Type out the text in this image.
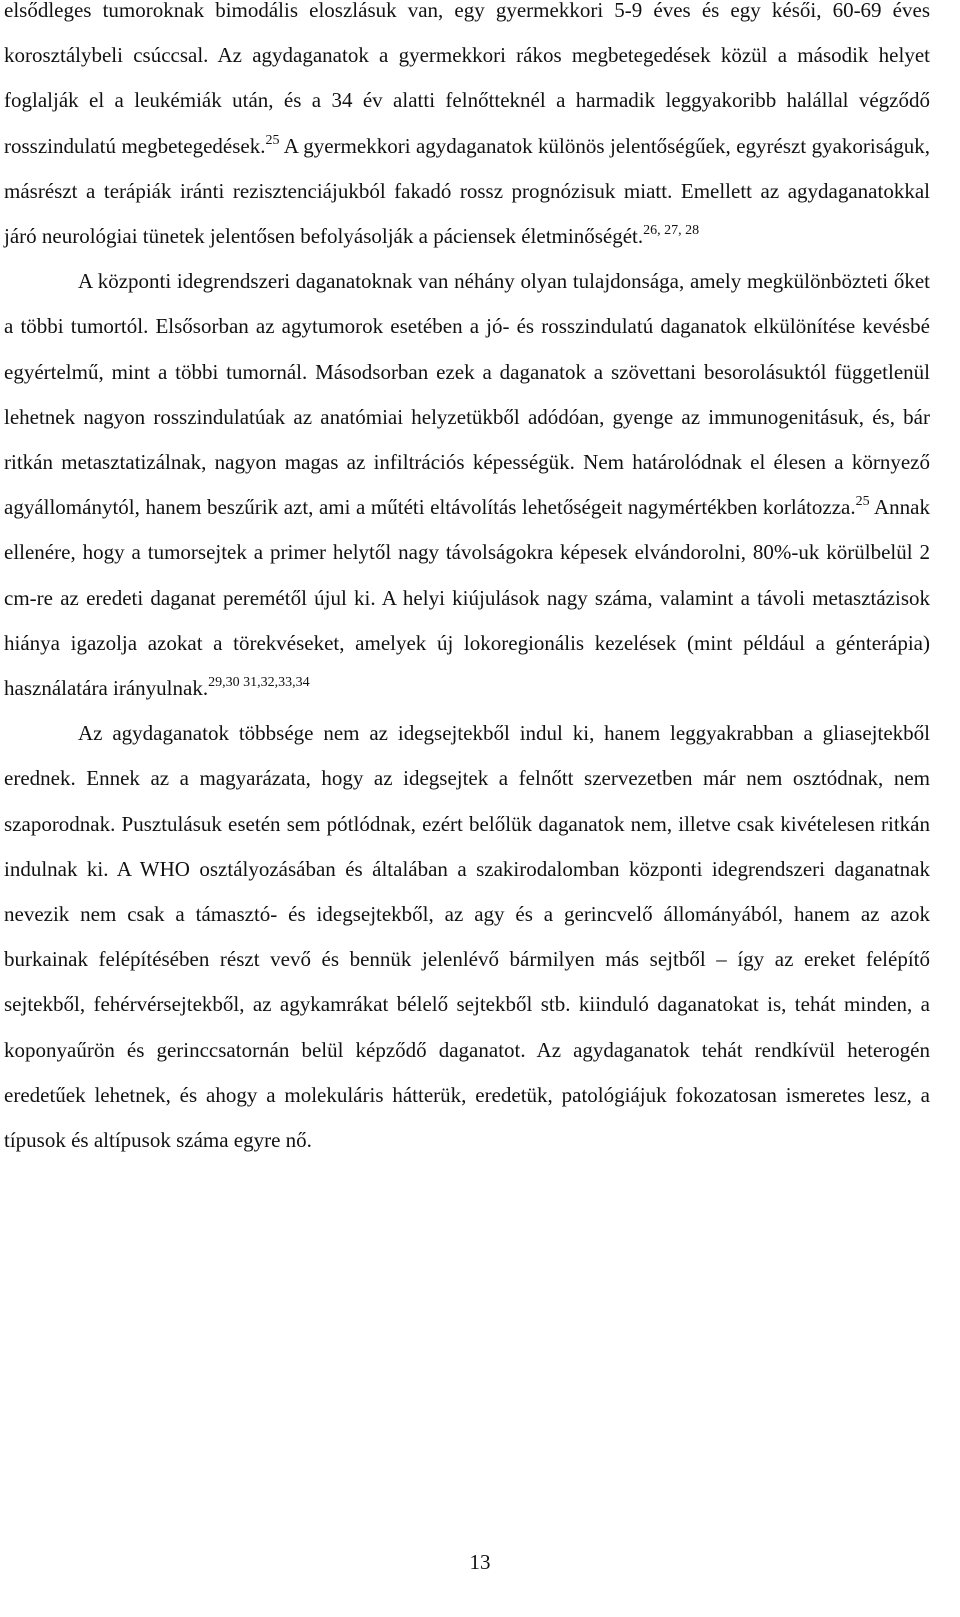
elsődleges tumoroknak bimodális eloszlásuk van, egy gyermekkori 5-9 éves és egy késői, 60-69 éves korosztálybeli csúccsal. Az agydaganatok a gyermekkori rákos megbetegedések közül a második helyet foglalják el a leukémiák után, és a 34 év alatti felnőtteknél a harmadik leggyakoribb halállal végződő rosszindulatú megbetegedések.$^{25}$ A gyermekkori agydaganatok különös jelentőségűek, egyrészt gyakoriságuk, másrészt a terápiák iránti rezisztenciájukból fakadó rossz prognózisuk miatt. Emellett az agydaganatokkal járó neurológiai tünetek jelentősen befolyásolják a páciensek életminőségét.$^{26, 27, 28}$

A központi idegrendszeri daganatoknak van néhány olyan tulajdonsága, amely megkülönbözteti őket a többi tumortól. Elsősorban az agytumorok esetében a jó- és rosszindulatú daganatok elkülönítése kevésbé egyértelmű, mint a többi tumornál. Másodsorban ezek a daganatok a szövettani besorolásuktól függetlenül lehetnek nagyon rosszindulatúak az anatómiai helyzetükből adódóan, gyenge az immunogenitásuk, és, bár ritkán metasztatizálnak, nagyon magas az infiltrációs képességük. Nem határolódnak el élesen a környező agyállománytól, hanem beszűrik azt, ami a műtéti eltávolítás lehetőségeit nagymértékben korlátozza.$^{25}$ Annak ellenére, hogy a tumorsejtek a primer helytől nagy távolságokra képesek elvándorolni, 80%-uk körülbelül 2 cm-re az eredeti daganat peremétől újul ki. A helyi kiújulások nagy száma, valamint a távoli metasztázisok hiánya igazolja azokat a törekvéseket, amelyek új lokoregionális kezelések (mint például a génterápia) használatára irányulnak.$^{29,30 31,32,33,34}$

Az agydaganatok többsége nem az idegsejtekből indul ki, hanem leggyakrabban a gliasejtekből erednek. Ennek az a magyarázata, hogy az idegsejtek a felnőtt szervezetben már nem osztódnak, nem szaporodnak. Pusztulásuk esetén sem pótlódnak, ezért belőlük daganatok nem, illetve csak kivételesen ritkán indulnak ki. A WHO osztályozásában és általában a szakirodalomban központi idegrendszeri daganatnak nevezik nem csak a támasztó- és idegsejtekből, az agy és a gerincvelő állományából, hanem az azok burkainak felépítésében részt vevő és bennük jelenlévő bármilyen más sejtből – így az ereket felépítő sejtekből, fehérvérsejtekből, az agykamrákat bélelő sejtekből stb. kiinduló daganatokat is, tehát minden, a koponyaűrön és gerinccsatornán belül képződő daganatot. Az agydaganatok tehát rendkívül heterogén eredetűek lehetnek, és ahogy a molekuláris hátterük, eredetük, patológiájuk fokozatosan ismeretes lesz, a típusok és altípusok száma egyre nő.

13
